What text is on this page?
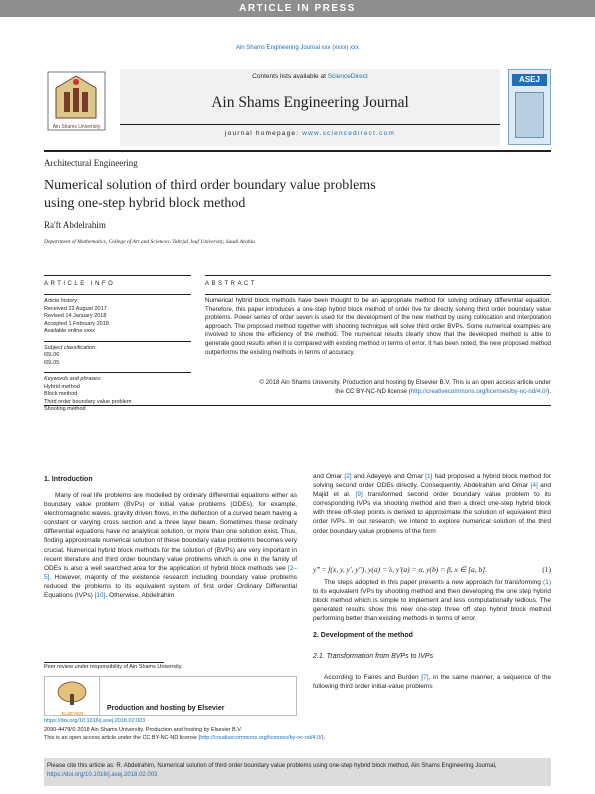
ARTICLE IN PRESS
Ain Shams Engineering Journal xxx (xxxx) xxx
Ain Shams University
Contents lists available at ScienceDirect
Ain Shams Engineering Journal
journal homepage: www.sciencedirect.com
ASEJ
Architectural Engineering
Numerical solution of third order boundary value problems
using one-step hybrid block method
Ra'ft Abdelrahim
Department of Mathematics, College of Art and Sciences, Tabrjal Jouf University, Saudi Arabia
ARTICLE INFO
Article history:
Received 22 August 2017
Revised 14 January 2018
Accepted 1 February 2018
Available online xxxx
Subject classification:
65L06
65L05
Keywords and phrases:
Hybrid method
Block method
Third order boundary value problem
Shooting method
ABSTRACT
Numerical hybrid block methods have been thought to be an appropriate method for solving ordinary differential equation. Therefore, this paper introduces a one-step hybrid block method of order five for directly solving third order boundary value problems. Power series of order seven is used for the development of the new method by using collocation and interpolation approach. The proposed method together with shooting technique will solve third order BVPs. Some numerical examples are involved to show the efficiency of the method. The numerical results clearly show that the developed method is able to generate good results when it is compared with existing method in terms of error. It has been noted, the new proposed method outperforms the existing methods in terms of accuracy.
© 2018 Ain Shams University. Production and hosting by Elsevier B.V. This is an open access article under
the CC BY-NC-ND license (http://creativecommons.org/licenses/by-nc-nd/4.0/).
1. Introduction
Many of real life problems are modelled by ordinary differential equations either as boundary value problem (BVPs) or initial value problems (ODEs), for example, electromagnetic waves, gravity driven flows, in the deflection of a curved beam having a constant or varying cross section and a three layer beam. Sometimes these ordinary differential equations have no analytical solution, or more than one solution exist. Thus, finding approximate numerical solution of these boundary value problems becomes very crucial. Numerical hybrid block methods for the solution of (BVPs) are very important in recent literature and third order boundary value problems which is one in the family of ODEs is also a well searched area for the application of hybrid block methods see [2–5]. However, majority of the existence research including boundary value problems reduced the problems to its equivalent system of first order Ordinary Differential Equations (IVPs) [10]. Otherwise, Abdelrahim
and Omar [2] and Adeyeye and Omar [1] had proposed a hybrid block method for solving second order ODEs directly. Consequently, Abdelrahim and Omar [4] and Majid et al. [9] transformed second order boundary value problem to its corresponding IVPs via shooting method and then a direct one-step hybrid block with three off-step points is derived to approximate the solution of equivalent third order IVPs. In our research, we intend to explore numerical solution of the third order boundary value problems of the form
y‴ = f(x, y, y′, y″), y(a) = λ, y′(a) = α, y(b) = β, x ∈ [a, b].	(1)
The steps adopted in this paper presents a new approach for transforming (1) to its equivalent IVPs by shooting method and then developing the one step hybrid block method which is simple to implement and less computationally tedious. The generated results show this new one-step three off step hybrid block method performing better than existing methods in terms of error.
2. Development of the method
2.1. Transformation from BVPs to IVPs
According to Faires and Burden [7], in the same manner, a sequence of the following third order initial-value problems
Peer review under responsibility of Ain Shams University.
Production and hosting by Elsevier
ELSEVIER
https://doi.org/10.1016/j.asej.2018.02.003
2090-4479/© 2018 Ain Shams University. Production and hosting by Elsevier B.V.
This is an open access article under the CC BY-NC-ND license (http://creativecommons.org/licenses/by-nc-nd/4.0/).
Please cite this article as: R. Abdelrahim, Numerical solution of third order boundary value problems using one-step hybrid block method, Ain Shams Engineering Journal, https://doi.org/10.1016/j.asej.2018.02.003
